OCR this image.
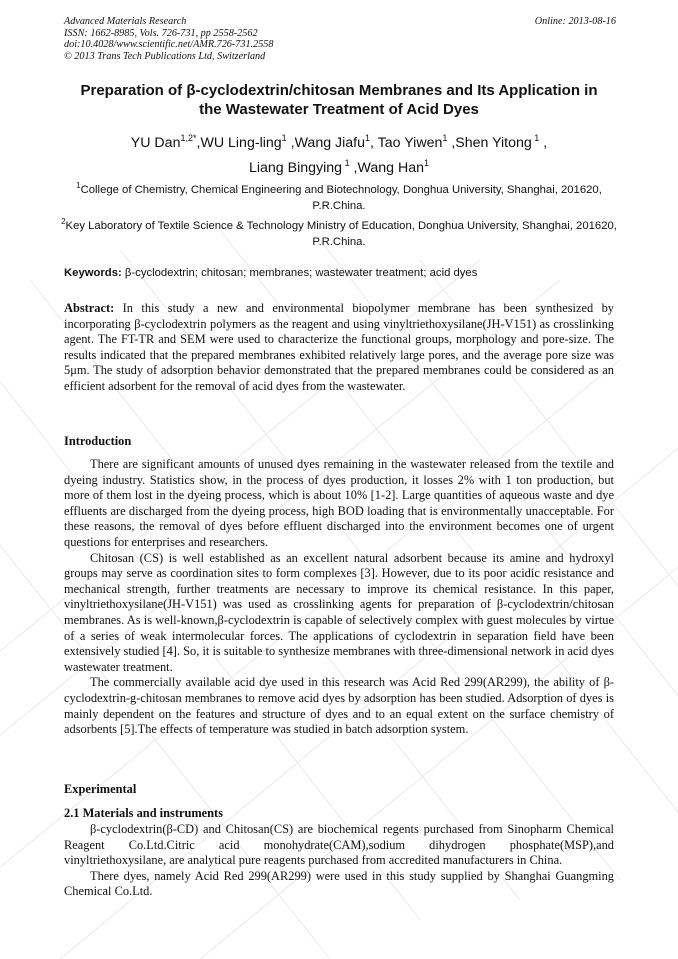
Advanced Materials Research
ISSN: 1662-8985, Vols. 726-731, pp 2558-2562
doi:10.4028/www.scientific.net/AMR.726-731.2558
© 2013 Trans Tech Publications Ltd, Switzerland
Online: 2013-08-16
Preparation of β-cyclodextrin/chitosan Membranes and Its Application in
the Wastewater Treatment of Acid Dyes
YU Dan$^{1,2*}$,WU Ling-ling$^1$ ,Wang Jiafu$^1$, Tao Yiwen$^1$ ,Shen Yitong $^1$ ,
Liang Bingying $^1$ ,Wang Han$^1$
$^1$College of Chemistry, Chemical Engineering and Biotechnology, Donghua University, Shanghai, 201620, P.R.China.
$^2$Key Laboratory of Textile Science & Technology Ministry of Education, Donghua University, Shanghai, 201620, P.R.China.
Keywords: β-cyclodextrin; chitosan; membranes; wastewater treatment; acid dyes

Abstract: In this study a new and environmental biopolymer membrane has been synthesized by incorporating β-cyclodextrin polymers as the reagent and using vinyltriethoxysilane(JH-V151) as crosslinking agent. The FT-TR and SEM were used to characterize the functional groups, morphology and pore-size. The results indicated that the prepared membranes exhibited relatively large pores, and the average pore size was 5μm. The study of adsorption behavior demonstrated that the prepared membranes could be considered as an efficient adsorbent for the removal of acid dyes from the wastewater.

Introduction

There are significant amounts of unused dyes remaining in the wastewater released from the textile and dyeing industry. Statistics show, in the process of dyes production, it losses 2% with 1 ton production, but more of them lost in the dyeing process, which is about 10% [1-2]. Large quantities of aqueous waste and dye effluents are discharged from the dyeing process, high BOD loading that is environmentally unacceptable. For these reasons, the removal of dyes before effluent discharged into the environment becomes one of urgent questions for enterprises and researchers.

Chitosan (CS) is well established as an excellent natural adsorbent because its amine and hydroxyl groups may serve as coordination sites to form complexes [3]. However, due to its poor acidic resistance and mechanical strength, further treatments are necessary to improve its chemical resistance. In this paper, vinyltriethoxysilane(JH-V151) was used as crosslinking agents for preparation of β-cyclodextrin/chitosan membranes. As is well-known,β-cyclodextrin is capable of selectively complex with guest molecules by virtue of a series of weak intermolecular forces. The applications of cyclodextrin in separation field have been extensively studied [4]. So, it is suitable to synthesize membranes with three-dimensional network in acid dyes wastewater treatment.

The commercially available acid dye used in this research was Acid Red 299(AR299), the ability of β-cyclodextrin-g-chitosan membranes to remove acid dyes by adsorption has been studied. Adsorption of dyes is mainly dependent on the features and structure of dyes and to an equal extent on the surface chemistry of adsorbents [5].The effects of temperature was studied in batch adsorption system.

Experimental
2.1 Materials and instruments

β-cyclodextrin(β-CD) and Chitosan(CS) are biochemical regents purchased from Sinopharm Chemical Reagent Co.Ltd.Citric acid monohydrate(CAM),sodium dihydrogen phosphate(MSP),and vinyltriethoxysilane, are analytical pure reagents purchased from accredited manufacturers in China.

There dyes, namely Acid Red 299(AR299) were used in this study supplied by Shanghai Guangming Chemical Co.Ltd.
